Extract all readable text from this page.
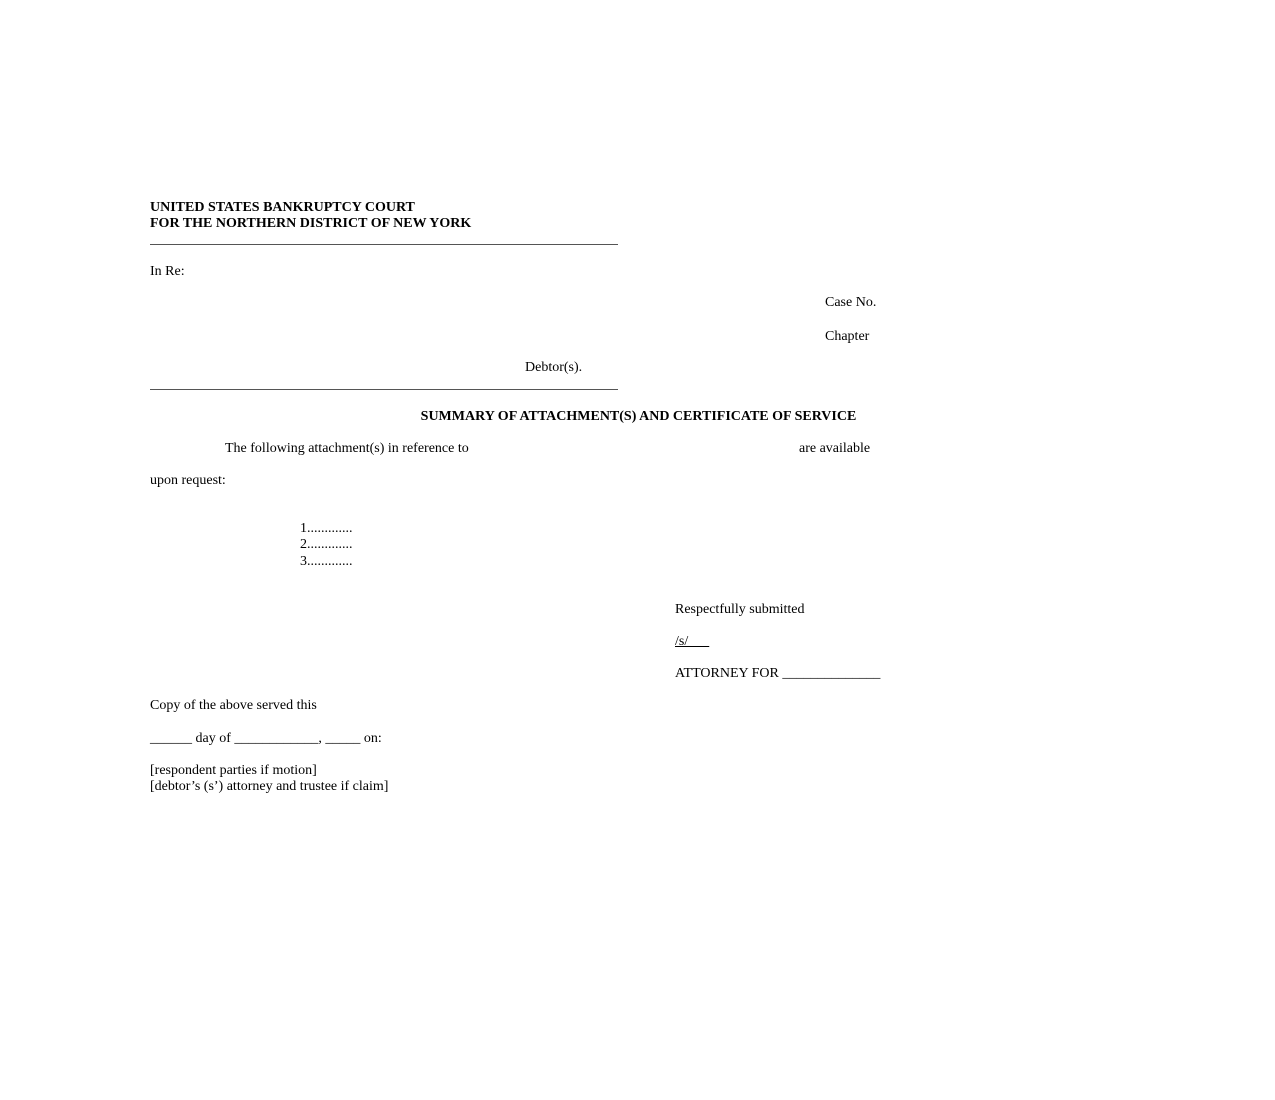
UNITED STATES BANKRUPTCY COURT
FOR THE NORTHERN DISTRICT OF NEW YORK
In Re:
Case No.
Chapter
Debtor(s).
SUMMARY OF ATTACHMENT(S) AND CERTIFICATE OF SERVICE
The following attachment(s) in reference to	are available
upon request:
1.............
2.............
3.............
Respectfully submitted
/s/
ATTORNEY FOR ______________
Copy of the above served this
______ day of ____________, _____ on:
[respondent parties if motion]
[debtor’s (s’) attorney and trustee if claim]
